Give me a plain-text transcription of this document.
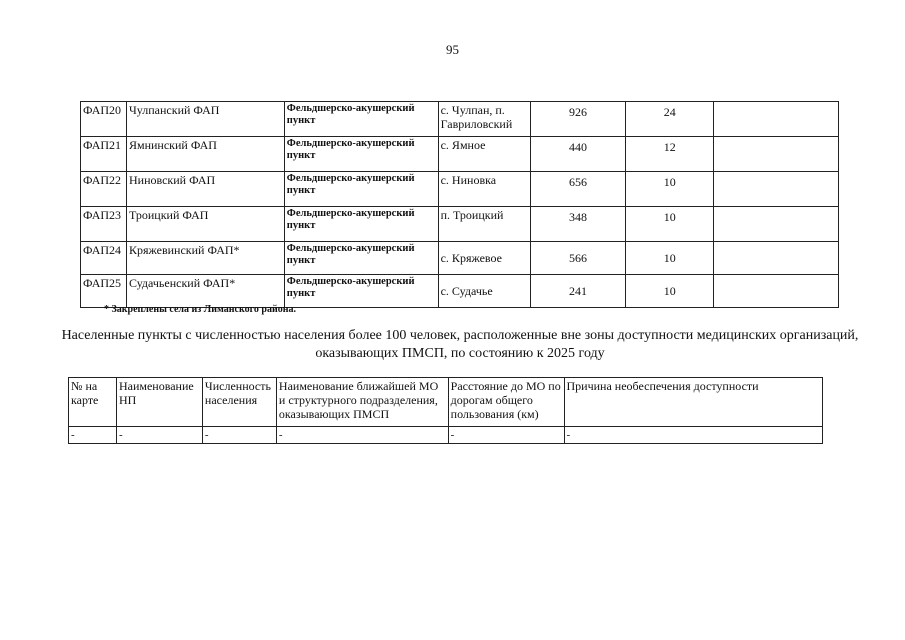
95
ФАП20	Чулпанский ФАП	Фельдшерско-акушерский пункт	с. Чулпан, п. Гавриловский	926	24	
ФАП21	Ямнинский ФАП	Фельдшерско-акушерский пункт	с. Ямное	440	12	
ФАП22	Ниновский ФАП	Фельдшерско-акушерский пункт	с. Ниновка	656	10	
ФАП23	Троицкий ФАП	Фельдшерско-акушерский пункт	п. Троицкий	348	10	
ФАП24	Кряжевинский ФАП*	Фельдшерско-акушерский пункт	с. Кряжевое	566	10	
ФАП25	Судачьенский ФАП*	Фельдшерско-акушерский пункт	с. Судачье	241	10	
* Закреплены села из Лиманского района.
Населенные пункты с численностью населения более 100 человек, расположенные вне зоны доступности медицинских организаций, оказывающих ПМСП, по состоянию к 2025 году
№ на карте	Наименование НП	Численность населения	Наименование ближайшей МО и структурного подразделения, оказывающих ПМСП	Расстояние до МО по дорогам общего пользования (км)	Причина необеспечения доступности
-	-	-	-	-	-
